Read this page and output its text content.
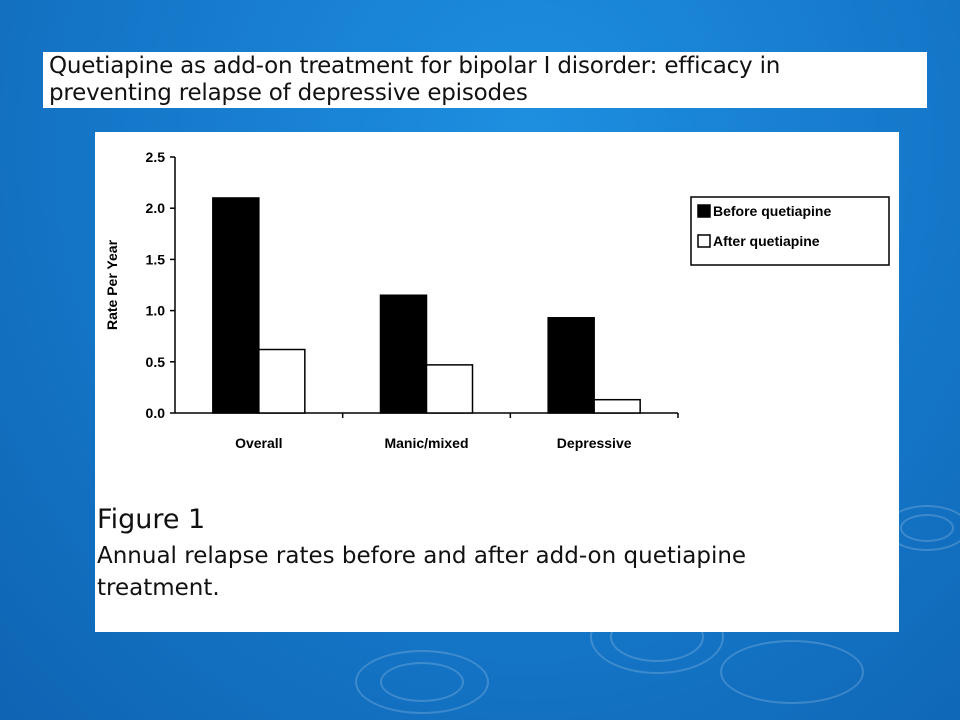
Quetiapine as add-on treatment for bipolar I disorder: efficacy in
preventing relapse of depressive episodes
0.0
0.5
1.0
1.5
2.0
2.5
Rate Per Year
Overall	Manic/mixed	Depressive
Before quetiapine
After quetiapine
Figure 1
Annual relapse rates before and after add-on quetiapine treatment.
